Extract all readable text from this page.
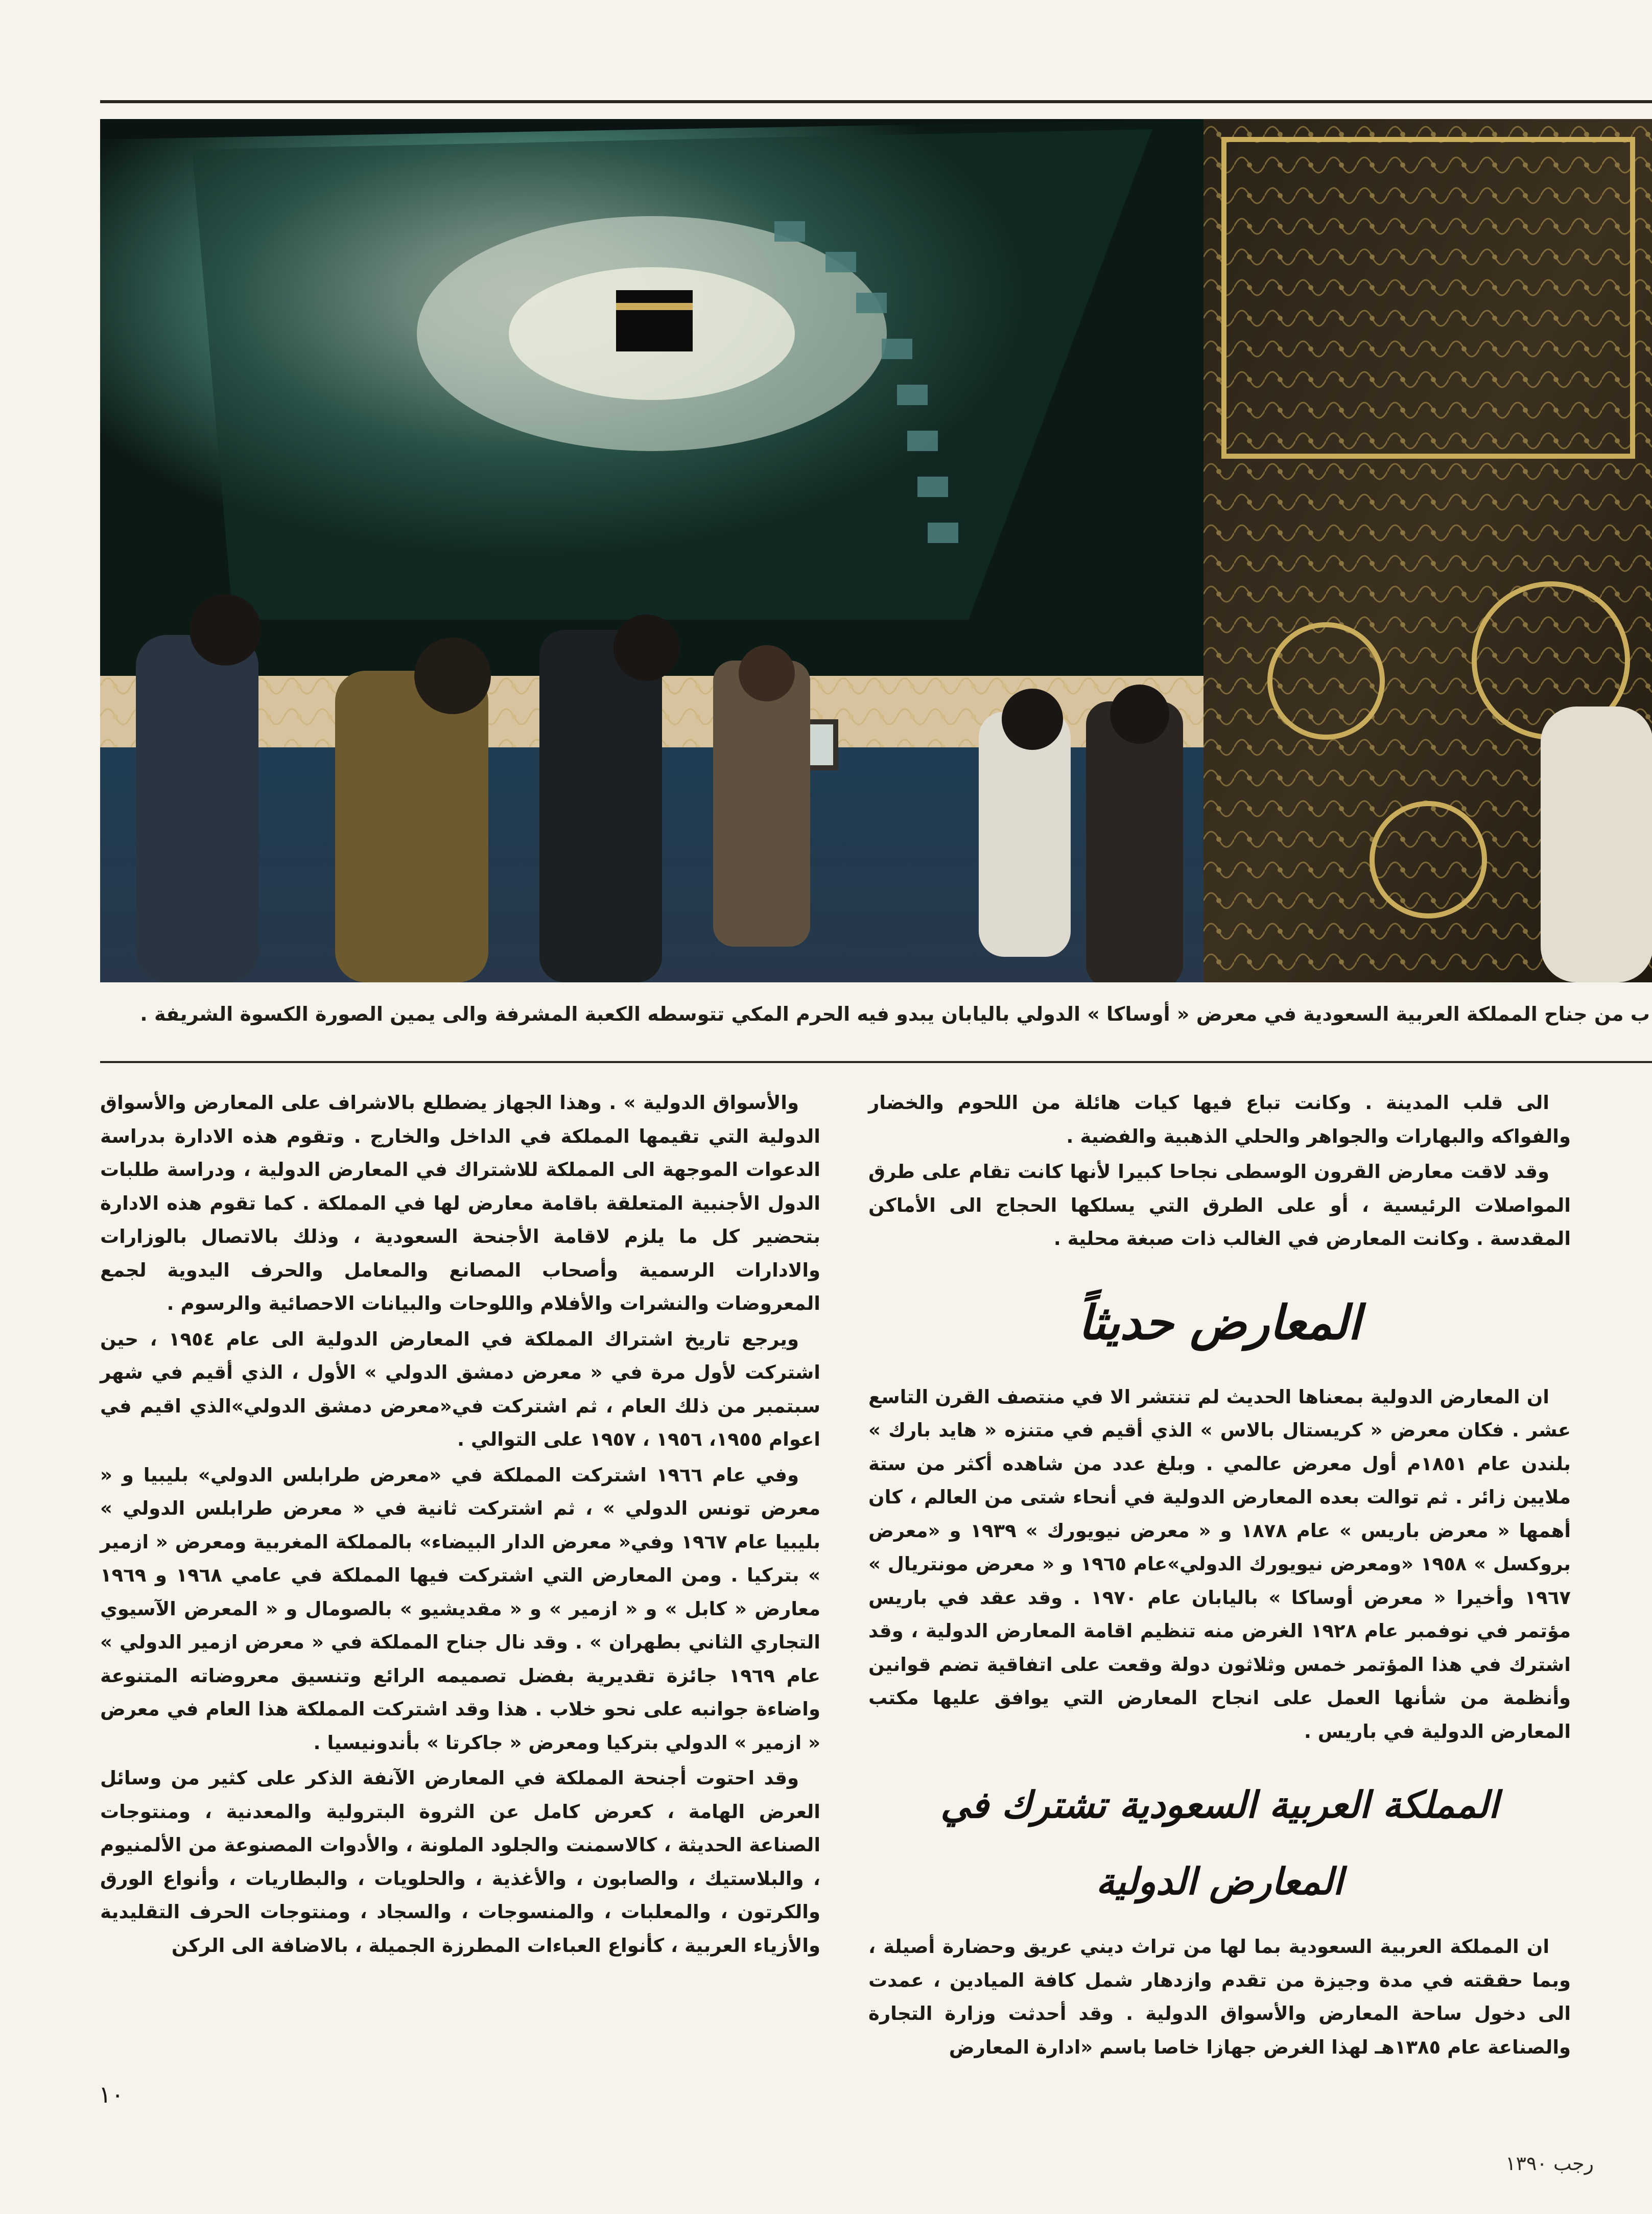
ب من جناح المملكة العربية السعودية في معرض « أوساكا » الدولي باليابان يبدو فيه الحرم المكي تتوسطه الكعبة المشرفة والى يمين الصورة الكسوة الشريفة .

الى قلب المدينة . وكانت تباع فيها كيات هائلة من اللحوم والخضار والفواكه والبهارات والجواهر والحلي الذهبية والفضية .

وقد لاقت معارض القرون الوسطى نجاحا كبيرا لأنها كانت تقام على طرق المواصلات الرئيسية ، أو على الطرق التي يسلكها الحجاج الى الأماكن المقدسة . وكانت المعارض في الغالب ذات صبغة محلية .

المعارض حديثاً

ان المعارض الدولية بمعناها الحديث لم تنتشر الا في منتصف القرن التاسع عشر . فكان معرض « كريستال بالاس » الذي أقيم في متنزه « هايد بارك » بلندن عام ١٨٥١م أول معرض عالمي . وبلغ عدد من شاهده أكثر من ستة ملايين زائر . ثم توالت بعده المعارض الدولية في أنحاء شتى من العالم ، كان أهمها « معرض باريس » عام ١٨٧٨ و « معرض نيويورك » ١٩٣٩ و «معرض بروكسل » ١٩٥٨ «ومعرض نيويورك الدولي»عام ١٩٦٥ و « معرض مونتريال » ١٩٦٧ وأخيرا « معرض أوساكا » باليابان عام ١٩٧٠ . وقد عقد في باريس مؤتمر في نوفمبر عام ١٩٢٨ الغرض منه تنظيم اقامة المعارض الدولية ، وقد اشترك في هذا المؤتمر خمس وثلاثون دولة وقعت على اتفاقية تضم قوانين وأنظمة من شأنها العمل على انجاح المعارض التي يوافق عليها مكتب المعارض الدولية في باريس .

المملكة العربية السعودية تشترك في المعارض الدولية

ان المملكة العربية السعودية بما لها من تراث ديني عريق وحضارة أصيلة ، وبما حققته في مدة وجيزة من تقدم وازدهار شمل كافة الميادين ، عمدت الى دخول ساحة المعارض والأسواق الدولية . وقد أحدثت وزارة التجارة والصناعة عام ١٣٨٥هـ لهذا الغرض جهازا خاصا باسم «ادارة المعارض

والأسواق الدولية » . وهذا الجهاز يضطلع بالاشراف على المعارض والأسواق الدولية التي تقيمها المملكة في الداخل والخارج . وتقوم هذه الادارة بدراسة الدعوات الموجهة الى المملكة للاشتراك في المعارض الدولية ، ودراسة طلبات الدول الأجنبية المتعلقة باقامة معارض لها في المملكة . كما تقوم هذه الادارة بتحضير كل ما يلزم لاقامة الأجنحة السعودية ، وذلك بالاتصال بالوزارات والادارات الرسمية وأصحاب المصانع والمعامل والحرف اليدوية لجمع المعروضات والنشرات والأفلام واللوحات والبيانات الاحصائية والرسوم .

ويرجع تاريخ اشتراك المملكة في المعارض الدولية الى عام ١٩٥٤ ، حين اشتركت لأول مرة في « معرض دمشق الدولي » الأول ، الذي أقيم في شهر سبتمبر من ذلك العام ، ثم اشتركت في«معرض دمشق الدولي»الذي اقيم في اعوام ١٩٥٥، ١٩٥٦ ، ١٩٥٧ على التوالي .

وفي عام ١٩٦٦ اشتركت المملكة في «معرض طرابلس الدولي» بليبيا و « معرض تونس الدولي » ، ثم اشتركت ثانية في « معرض طرابلس الدولي » بليبيا عام ١٩٦٧ وفي« معرض الدار البيضاء» بالمملكة المغربية ومعرض « ازمير » بتركيا . ومن المعارض التي اشتركت فيها المملكة في عامي ١٩٦٨ و ١٩٦٩ معارض « كابل » و « ازمير » و « مقديشيو » بالصومال و « المعرض الآسيوي التجاري الثاني بطهران » . وقد نال جناح المملكة في « معرض ازمير الدولي » عام ١٩٦٩ جائزة تقديرية بفضل تصميمه الرائع وتنسيق معروضاته المتنوعة واضاءة جوانبه على نحو خلاب . هذا وقد اشتركت المملكة هذا العام في معرض « ازمير » الدولي بتركيا ومعرض « جاكرتا » بأندونيسيا .

وقد احتوت أجنحة المملكة في المعارض الآنفة الذكر على كثير من وسائل العرض الهامة ، كعرض كامل عن الثروة البترولية والمعدنية ، ومنتوجات الصناعة الحديثة ، كالاسمنت والجلود الملونة ، والأدوات المصنوعة من الألمنيوم ، والبلاستيك ، والصابون ، والأغذية ، والحلويات ، والبطاريات ، وأنواع الورق والكرتون ، والمعلبات ، والمنسوجات ، والسجاد ، ومنتوجات الحرف التقليدية والأزياء العربية ، كأنواع العباءات المطرزة الجميلة ، بالاضافة الى الركن

١٠
رجب ١٣٩٠
